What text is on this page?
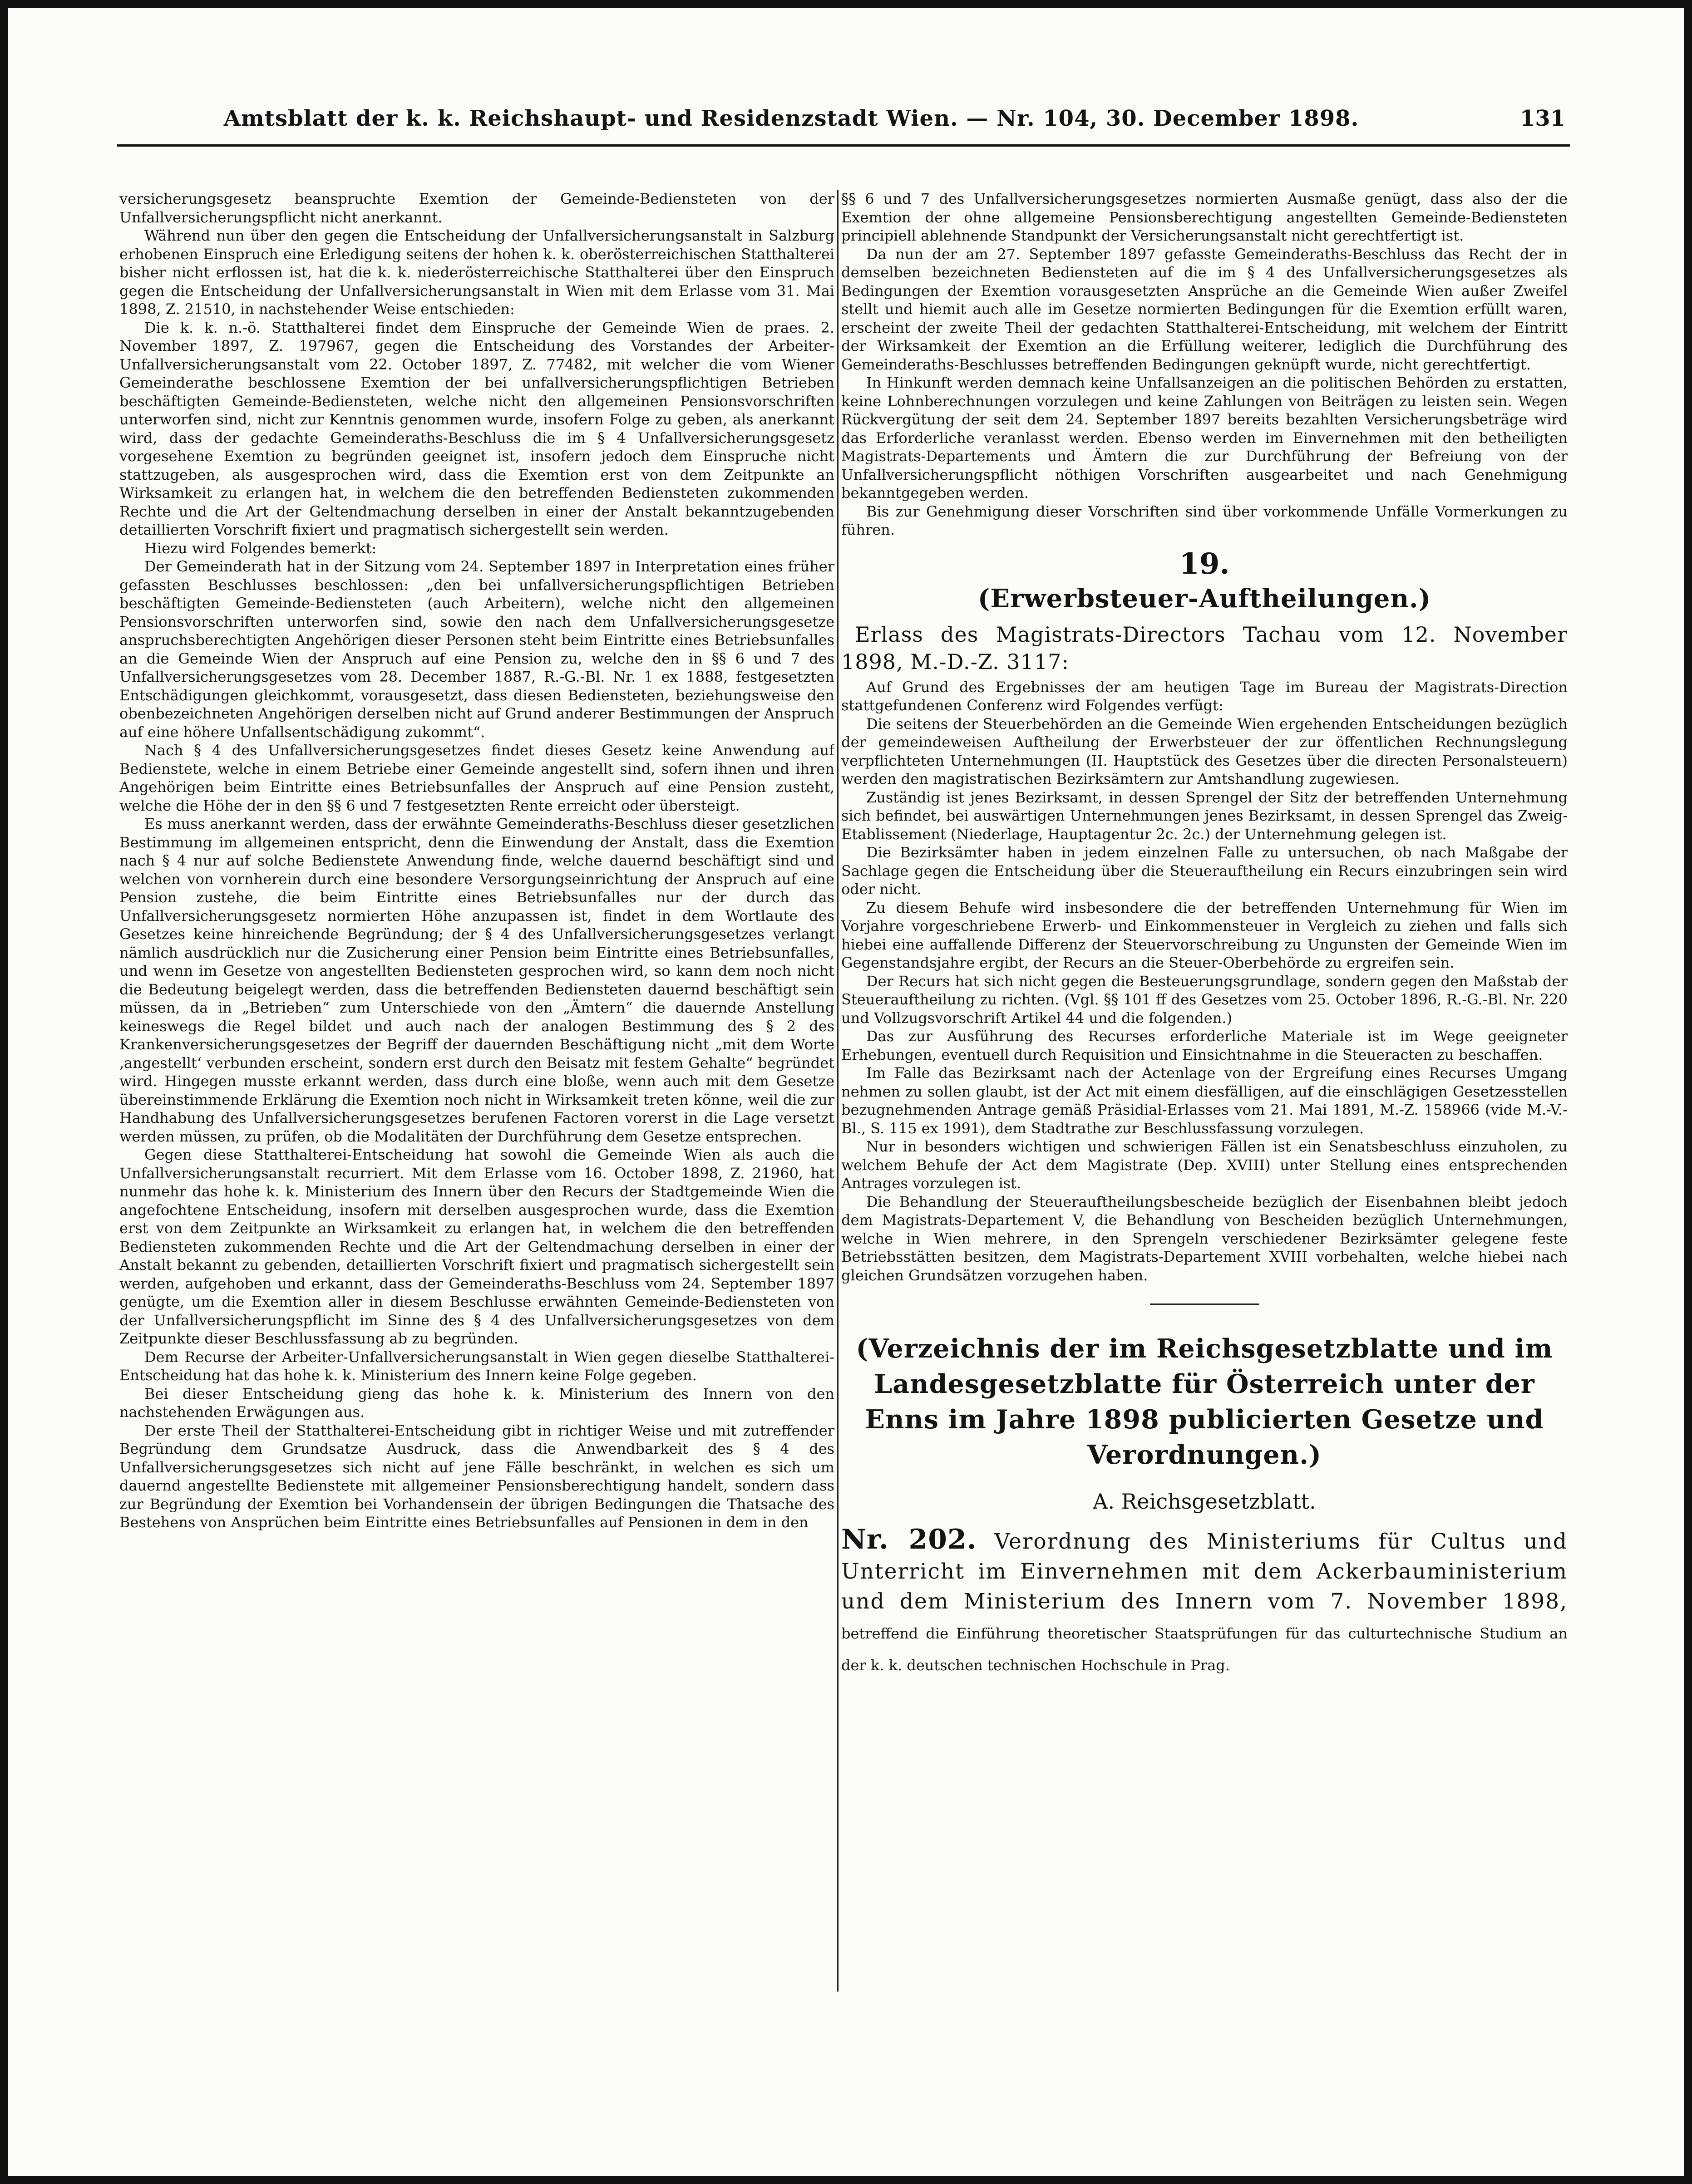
Amtsblatt der k. k. Reichshaupt- und Residenzstadt Wien. — Nr. 104, 30. December 1898.	131

versicherungsgesetz beanspruchte Exemtion der Gemeinde-Bediensteten von der Unfallversicherungspflicht nicht anerkannt.

Während nun über den gegen die Entscheidung der Unfallversicherungsanstalt in Salzburg erhobenen Einspruch eine Erledigung seitens der hohen k. k. oberösterreichischen Statthalterei bisher nicht erflossen ist, hat die k. k. niederösterreichische Statthalterei über den Einspruch gegen die Entscheidung der Unfallversicherungsanstalt in Wien mit dem Erlasse vom 31. Mai 1898, Z. 21510, in nachstehender Weise entschieden:

Die k. k. n.-ö. Statthalterei findet dem Einspruche der Gemeinde Wien de praes. 2. November 1897, Z. 197967, gegen die Entscheidung des Vorstandes der Arbeiter-Unfallversicherungsanstalt vom 22. October 1897, Z. 77482, mit welcher die vom Wiener Gemeinderathe beschlossene Exemtion der bei unfallversicherungspflichtigen Betrieben beschäftigten Gemeinde-Bediensteten, welche nicht den allgemeinen Pensionsvorschriften unterworfen sind, nicht zur Kenntnis genommen wurde, insofern Folge zu geben, als anerkannt wird, dass der gedachte Gemeinderaths-Beschluss die im § 4 Unfallversicherungsgesetz vorgesehene Exemtion zu begründen geeignet ist, insofern jedoch dem Einspruche nicht stattzugeben, als ausgesprochen wird, dass die Exemtion erst von dem Zeitpunkte an Wirksamkeit zu erlangen hat, in welchem die den betreffenden Bediensteten zukommenden Rechte und die Art der Geltendmachung derselben in einer der Anstalt bekanntzugebenden detaillierten Vorschrift fixiert und pragmatisch sichergestellt sein werden.

Hiezu wird Folgendes bemerkt:

Der Gemeinderath hat in der Sitzung vom 24. September 1897 in Interpretation eines früher gefassten Beschlusses beschlossen: „den bei unfallversicherungspflichtigen Betrieben beschäftigten Gemeinde-Bediensteten (auch Arbeitern), welche nicht den allgemeinen Pensionsvorschriften unterworfen sind, sowie den nach dem Unfallversicherungsgesetze anspruchsberechtigten Angehörigen dieser Personen steht beim Eintritte eines Betriebsunfalles an die Gemeinde Wien der Anspruch auf eine Pension zu, welche den in §§ 6 und 7 des Unfallversicherungsgesetzes vom 28. December 1887, R.-G.-Bl. Nr. 1 ex 1888, festgesetzten Entschädigungen gleichkommt, vorausgesetzt, dass diesen Bediensteten, beziehungsweise den obenbezeichneten Angehörigen derselben nicht auf Grund anderer Bestimmungen der Anspruch auf eine höhere Unfallsentschädigung zukommt“.

Nach § 4 des Unfallversicherungsgesetzes findet dieses Gesetz keine Anwendung auf Bedienstete, welche in einem Betriebe einer Gemeinde angestellt sind, sofern ihnen und ihren Angehörigen beim Eintritte eines Betriebsunfalles der Anspruch auf eine Pension zusteht, welche die Höhe der in den §§ 6 und 7 festgesetzten Rente erreicht oder übersteigt.

Es muss anerkannt werden, dass der erwähnte Gemeinderaths-Beschluss dieser gesetzlichen Bestimmung im allgemeinen entspricht, denn die Einwendung der Anstalt, dass die Exemtion nach § 4 nur auf solche Bedienstete Anwendung finde, welche dauernd beschäftigt sind und welchen von vornherein durch eine besondere Versorgungseinrichtung der Anspruch auf eine Pension zustehe, die beim Eintritte eines Betriebsunfalles nur der durch das Unfallversicherungsgesetz normierten Höhe anzupassen ist, findet in dem Wortlaute des Gesetzes keine hinreichende Begründung; der § 4 des Unfallversicherungsgesetzes verlangt nämlich ausdrücklich nur die Zusicherung einer Pension beim Eintritte eines Betriebsunfalles, und wenn im Gesetze von angestellten Bediensteten gesprochen wird, so kann dem noch nicht die Bedeutung beigelegt werden, dass die betreffenden Bediensteten dauernd beschäftigt sein müssen, da in „Betrieben“ zum Unterschiede von den „Ämtern“ die dauernde Anstellung keineswegs die Regel bildet und auch nach der analogen Bestimmung des § 2 des Krankenversicherungsgesetzes der Begriff der dauernden Beschäftigung nicht „mit dem Worte ‚angestellt‘ verbunden erscheint, sondern erst durch den Beisatz mit festem Gehalte“ begründet wird. Hingegen musste erkannt werden, dass durch eine bloße, wenn auch mit dem Gesetze übereinstimmende Erklärung die Exemtion noch nicht in Wirksamkeit treten könne, weil die zur Handhabung des Unfallversicherungsgesetzes berufenen Factoren vorerst in die Lage versetzt werden müssen, zu prüfen, ob die Modalitäten der Durchführung dem Gesetze entsprechen.

Gegen diese Statthalterei-Entscheidung hat sowohl die Gemeinde Wien als auch die Unfallversicherungsanstalt recurriert. Mit dem Erlasse vom 16. October 1898, Z. 21960, hat nunmehr das hohe k. k. Ministerium des Innern über den Recurs der Stadtgemeinde Wien die angefochtene Entscheidung, insofern mit derselben ausgesprochen wurde, dass die Exemtion erst von dem Zeitpunkte an Wirksamkeit zu erlangen hat, in welchem die den betreffenden Bediensteten zukommenden Rechte und die Art der Geltendmachung derselben in einer der Anstalt bekannt zu gebenden, detaillierten Vorschrift fixiert und pragmatisch sichergestellt sein werden, aufgehoben und erkannt, dass der Gemeinderaths-Beschluss vom 24. September 1897 genügte, um die Exemtion aller in diesem Beschlusse erwähnten Gemeinde-Bediensteten von der Unfallversicherungspflicht im Sinne des § 4 des Unfallversicherungsgesetzes von dem Zeitpunkte dieser Beschlussfassung ab zu begründen.

Dem Recurse der Arbeiter-Unfallversicherungsanstalt in Wien gegen dieselbe Statthalterei-Entscheidung hat das hohe k. k. Ministerium des Innern keine Folge gegeben.

Bei dieser Entscheidung gieng das hohe k. k. Ministerium des Innern von den nachstehenden Erwägungen aus.

Der erste Theil der Statthalterei-Entscheidung gibt in richtiger Weise und mit zutreffender Begründung dem Grundsatze Ausdruck, dass die Anwendbarkeit des § 4 des Unfallversicherungsgesetzes sich nicht auf jene Fälle beschränkt, in welchen es sich um dauernd angestellte Bedienstete mit allgemeiner Pensionsberechtigung handelt, sondern dass zur Begründung der Exemtion bei Vorhandensein der übrigen Bedingungen die Thatsache des Bestehens von Ansprüchen beim Eintritte eines Betriebsunfalles auf Pensionen in dem in den

§§ 6 und 7 des Unfallversicherungsgesetzes normierten Ausmaße genügt, dass also der die Exemtion der ohne allgemeine Pensionsberechtigung angestellten Gemeinde-Bediensteten principiell ablehnende Standpunkt der Versicherungsanstalt nicht gerechtfertigt ist.

Da nun der am 27. September 1897 gefasste Gemeinderaths-Beschluss das Recht der in demselben bezeichneten Bediensteten auf die im § 4 des Unfallversicherungsgesetzes als Bedingungen der Exemtion vorausgesetzten Ansprüche an die Gemeinde Wien außer Zweifel stellt und hiemit auch alle im Gesetze normierten Bedingungen für die Exemtion erfüllt waren, erscheint der zweite Theil der gedachten Statthalterei-Entscheidung, mit welchem der Eintritt der Wirksamkeit der Exemtion an die Erfüllung weiterer, lediglich die Durchführung des Gemeinderaths-Beschlusses betreffenden Bedingungen geknüpft wurde, nicht gerechtfertigt.

In Hinkunft werden demnach keine Unfallsanzeigen an die politischen Behörden zu erstatten, keine Lohnberechnungen vorzulegen und keine Zahlungen von Beiträgen zu leisten sein. Wegen Rückvergütung der seit dem 24. September 1897 bereits bezahlten Versicherungsbeträge wird das Erforderliche veranlasst werden. Ebenso werden im Einvernehmen mit den betheiligten Magistrats-Departements und Ämtern die zur Durchführung der Befreiung von der Unfallversicherungspflicht nöthigen Vorschriften ausgearbeitet und nach Genehmigung bekanntgegeben werden.

Bis zur Genehmigung dieser Vorschriften sind über vorkommende Unfälle Vormerkungen zu führen.

19.
(Erwerbsteuer-Auftheilungen.)

Erlass des Magistrats-Directors Tachau vom 12. November 1898, M.-D.-Z. 3117:

Auf Grund des Ergebnisses der am heutigen Tage im Bureau der Magistrats-Direction stattgefundenen Conferenz wird Folgendes verfügt:

Die seitens der Steuerbehörden an die Gemeinde Wien ergehenden Entscheidungen bezüglich der gemeindeweisen Auftheilung der Erwerbsteuer der zur öffentlichen Rechnungslegung verpflichteten Unternehmungen (II. Hauptstück des Gesetzes über die directen Personalsteuern) werden den magistratischen Bezirksämtern zur Amtshandlung zugewiesen.

Zuständig ist jenes Bezirksamt, in dessen Sprengel der Sitz der betreffenden Unternehmung sich befindet, bei auswärtigen Unternehmungen jenes Bezirksamt, in dessen Sprengel das Zweig-Etablissement (Niederlage, Hauptagentur 2c. 2c.) der Unternehmung gelegen ist.

Die Bezirksämter haben in jedem einzelnen Falle zu untersuchen, ob nach Maßgabe der Sachlage gegen die Entscheidung über die Steuerauftheilung ein Recurs einzubringen sein wird oder nicht.

Zu diesem Behufe wird insbesondere die der betreffenden Unternehmung für Wien im Vorjahre vorgeschriebene Erwerb- und Einkommensteuer in Vergleich zu ziehen und falls sich hiebei eine auffallende Differenz der Steuervorschreibung zu Ungunsten der Gemeinde Wien im Gegenstandsjahre ergibt, der Recurs an die Steuer-Oberbehörde zu ergreifen sein.

Der Recurs hat sich nicht gegen die Besteuerungsgrundlage, sondern gegen den Maßstab der Steuerauftheilung zu richten. (Vgl. §§ 101 ff des Gesetzes vom 25. October 1896, R.-G.-Bl. Nr. 220 und Vollzugsvorschrift Artikel 44 und die folgenden.)

Das zur Ausführung des Recurses erforderliche Materiale ist im Wege geeigneter Erhebungen, eventuell durch Requisition und Einsichtnahme in die Steueracten zu beschaffen.

Im Falle das Bezirksamt nach der Actenlage von der Ergreifung eines Recurses Umgang nehmen zu sollen glaubt, ist der Act mit einem diesfälligen, auf die einschlägigen Gesetzesstellen bezugnehmenden Antrage gemäß Präsidial-Erlasses vom 21. Mai 1891, M.-Z. 158966 (vide M.-V.-Bl., S. 115 ex 1991), dem Stadtrathe zur Beschlussfassung vorzulegen.

Nur in besonders wichtigen und schwierigen Fällen ist ein Senatsbeschluss einzuholen, zu welchem Behufe der Act dem Magistrate (Dep. XVIII) unter Stellung eines entsprechenden Antrages vorzulegen ist.

Die Behandlung der Steuerauftheilungsbescheide bezüglich der Eisenbahnen bleibt jedoch dem Magistrats-Departement V, die Behandlung von Bescheiden bezüglich Unternehmungen, welche in Wien mehrere, in den Sprengeln verschiedener Bezirksämter gelegene feste Betriebsstätten besitzen, dem Magistrats-Departement XVIII vorbehalten, welche hiebei nach gleichen Grundsätzen vorzugehen haben.

(Verzeichnis der im Reichsgesetzblatte und im Landesgesetzblatte für Österreich unter der Enns im Jahre 1898 publicierten Gesetze und Verordnungen.)
A. Reichsgesetzblatt.

Nr. 202. Verordnung des Ministeriums für Cultus und Unterricht im Einvernehmen mit dem Ackerbauministerium und dem Ministerium des Innern vom 7. November 1898, betreffend die Einführung theoretischer Staatsprüfungen für das culturtechnische Studium an der k. k. deutschen technischen Hochschule in Prag.
